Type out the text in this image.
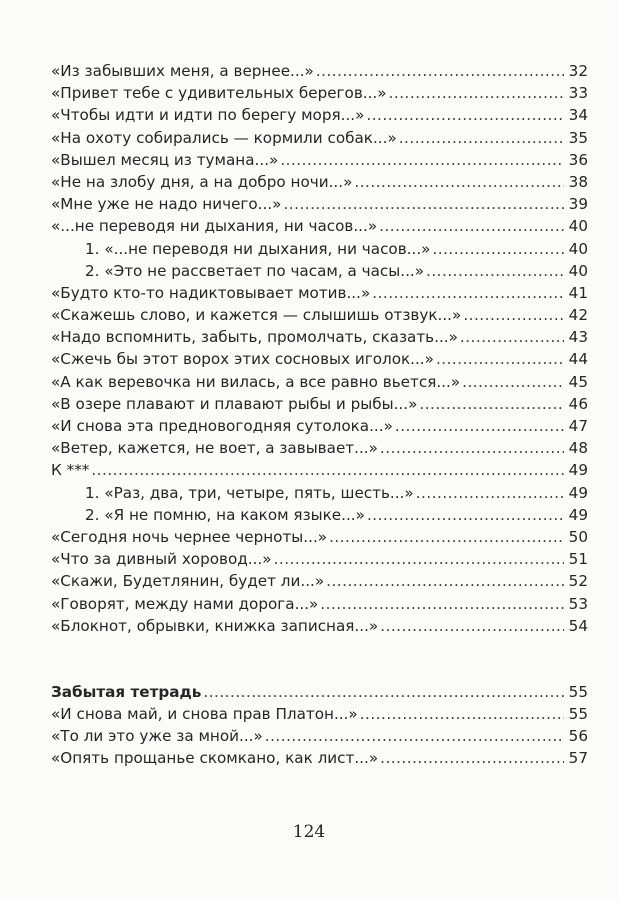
«Из забывших меня, а вернее...» .....	32
«Привет тебе с удивительных берегов...» .....	33
«Чтобы идти и идти по берегу моря...» .....	34
«На охоту собирались — кормили собак...» .....	35
«Вышел месяц из тумана...» .....	36
«Не на злобу дня, а на добро ночи...» .....	38
«Мне уже не надо ничего...» .....	39
«...не переводя ни дыхания, ни часов...» .....	40
1. «...не переводя ни дыхания, ни часов...» .....	40
2. «Это не рассветает по часам, а часы...» .....	40
«Будто кто-то надиктовывает мотив...» .....	41
«Скажешь слово, и кажется — слышишь отзвук...» .....	42
«Надо вспомнить, забыть, промолчать, сказать...» .....	43
«Сжечь бы этот ворох этих сосновых иголок...» .....	44
«А как веревочка ни вилась, а все равно вьется...» .....	45
«В озере плавают и плавают рыбы и рыбы...» .....	46
«И снова эта предновогодняя сутолока...» .....	47
«Ветер, кажется, не воет, а завывает...» .....	48
К *** .....	49
1. «Раз, два, три, четыре, пять, шесть...» .....	49
2. «Я не помню, на каком языке...» .....	49
«Сегодня ночь чернее черноты...» .....	50
«Что за дивный хоровод...» .....	51
«Скажи, Будетлянин, будет ли...» .....	52
«Говорят, между нами дорога...» .....	53
«Блокнот, обрывки, книжка записная...» .....	54
Забытая тетрадь .....	55
«И снова май, и снова прав Платон...» .....	55
«То ли это уже за мной...» .....	56
«Опять прощанье скомкано, как лист...» .....	57
124
